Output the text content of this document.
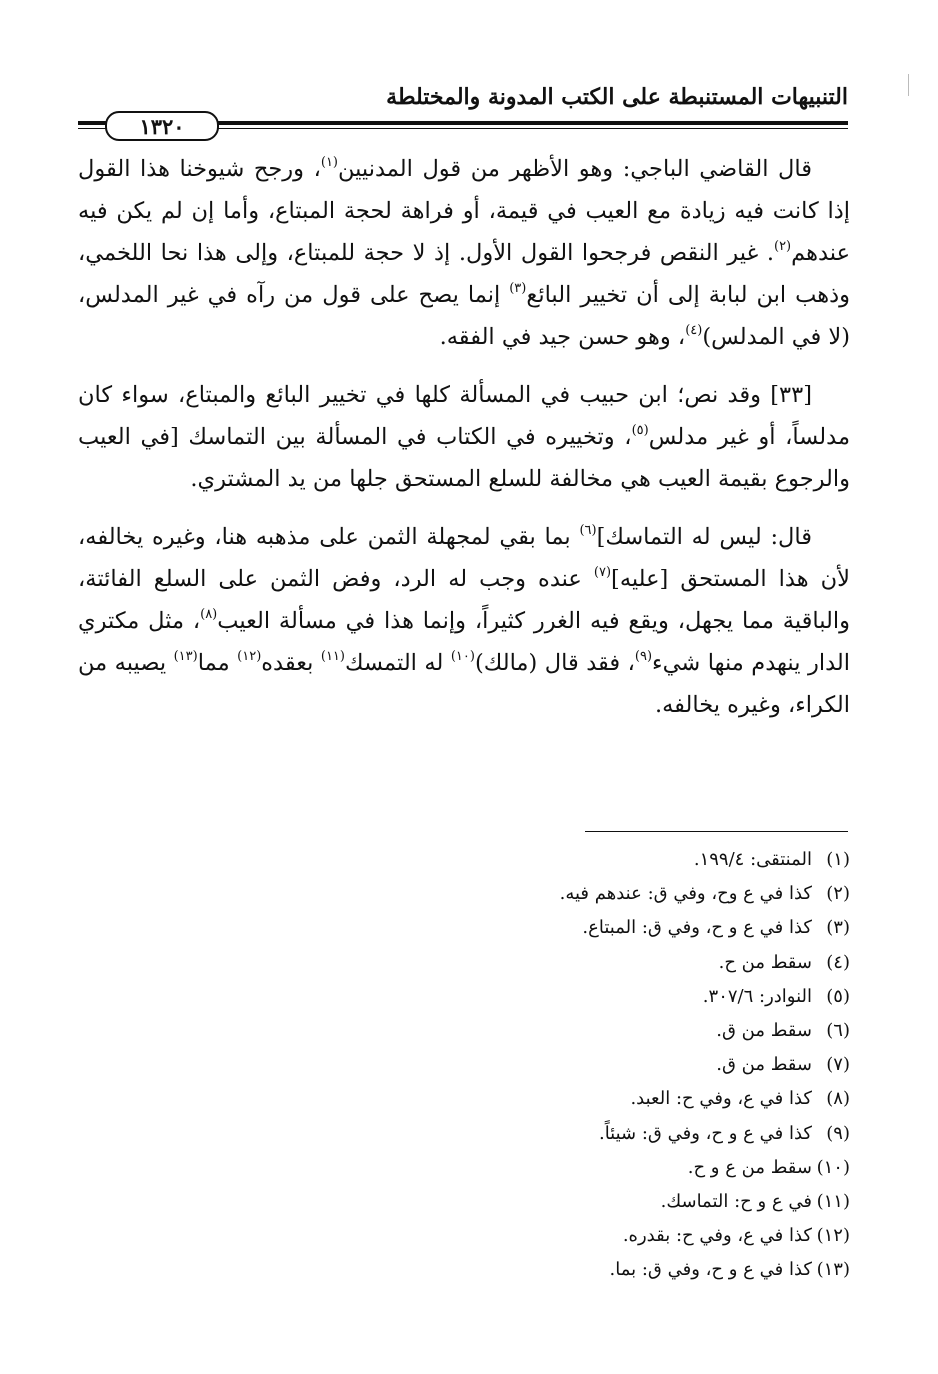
التنبيهات المستنبطة على الكتب المدونة والمختلطة
١٣٢٠

قال القاضي الباجي: وهو الأظهر من قول المدنيين$^{(١)}$، ورجح شيوخنا هذا القول إذا كانت فيه زيادة مع العيب في قيمة، أو فراهة لحجة المبتاع، وأما إن لم يكن فيه عندهم$^{(٢)}$. غير النقص فرجحوا القول الأول. إذ لا حجة للمبتاع، وإلى هذا نحا اللخمي، وذهب ابن لبابة إلى أن تخيير البائع$^{(٣)}$ إنما يصح على قول من رآه في غير المدلس، (لا في المدلس)$^{(٤)}$، وهو حسن جيد في الفقه.

[٣٣] وقد نص؛ ابن حبيب في المسألة كلها في تخيير البائع والمبتاع، سواء كان مدلساً، أو غير مدلس$^{(٥)}$، وتخييره في الكتاب في المسألة بين التماسك [في العيب والرجوع بقيمة العيب هي مخالفة للسلع المستحق جلها من يد المشتري.

قال: ليس له التماسك]$^{(٦)}$ بما بقي لمجهلة الثمن على مذهبه هنا، وغيره يخالفه، لأن هذا المستحق [عليه]$^{(٧)}$ عنده وجب له الرد، وفض الثمن على السلع الفائتة، والباقية مما يجهل، ويقع فيه الغرر كثيراً، وإنما هذا في مسألة العيب$^{(٨)}$، مثل مكتري الدار ينهدم منها شيء$^{(٩)}$، فقد قال (مالك)$^{(١٠)}$ له التمسك$^{(١١)}$ بعقده$^{(١٢)}$ مما$^{(١٣)}$ يصيبه من الكراء، وغيره يخالفه.

(١)المنتقى: ١٩٩/٤.
(٢)كذا في ع وح، وفي ق: عندهم فيه.
(٣)كذا في ع و ح، وفي ق: المبتاع.
(٤)سقط من ح.
(٥)النوادر: ٣٠٧/٦.
(٦)سقط من ق.
(٧)سقط من ق.
(٨)كذا في ع، وفي ح: العبد.
(٩)كذا في ع و ح، وفي ق: شيئاً.
(١٠)سقط من ع و ح.
(١١)في ع و ح: التماسك.
(١٢)كذا في ع، وفي ح: بقدره.
(١٣)كذا في ع و ح، وفي ق: بما.
